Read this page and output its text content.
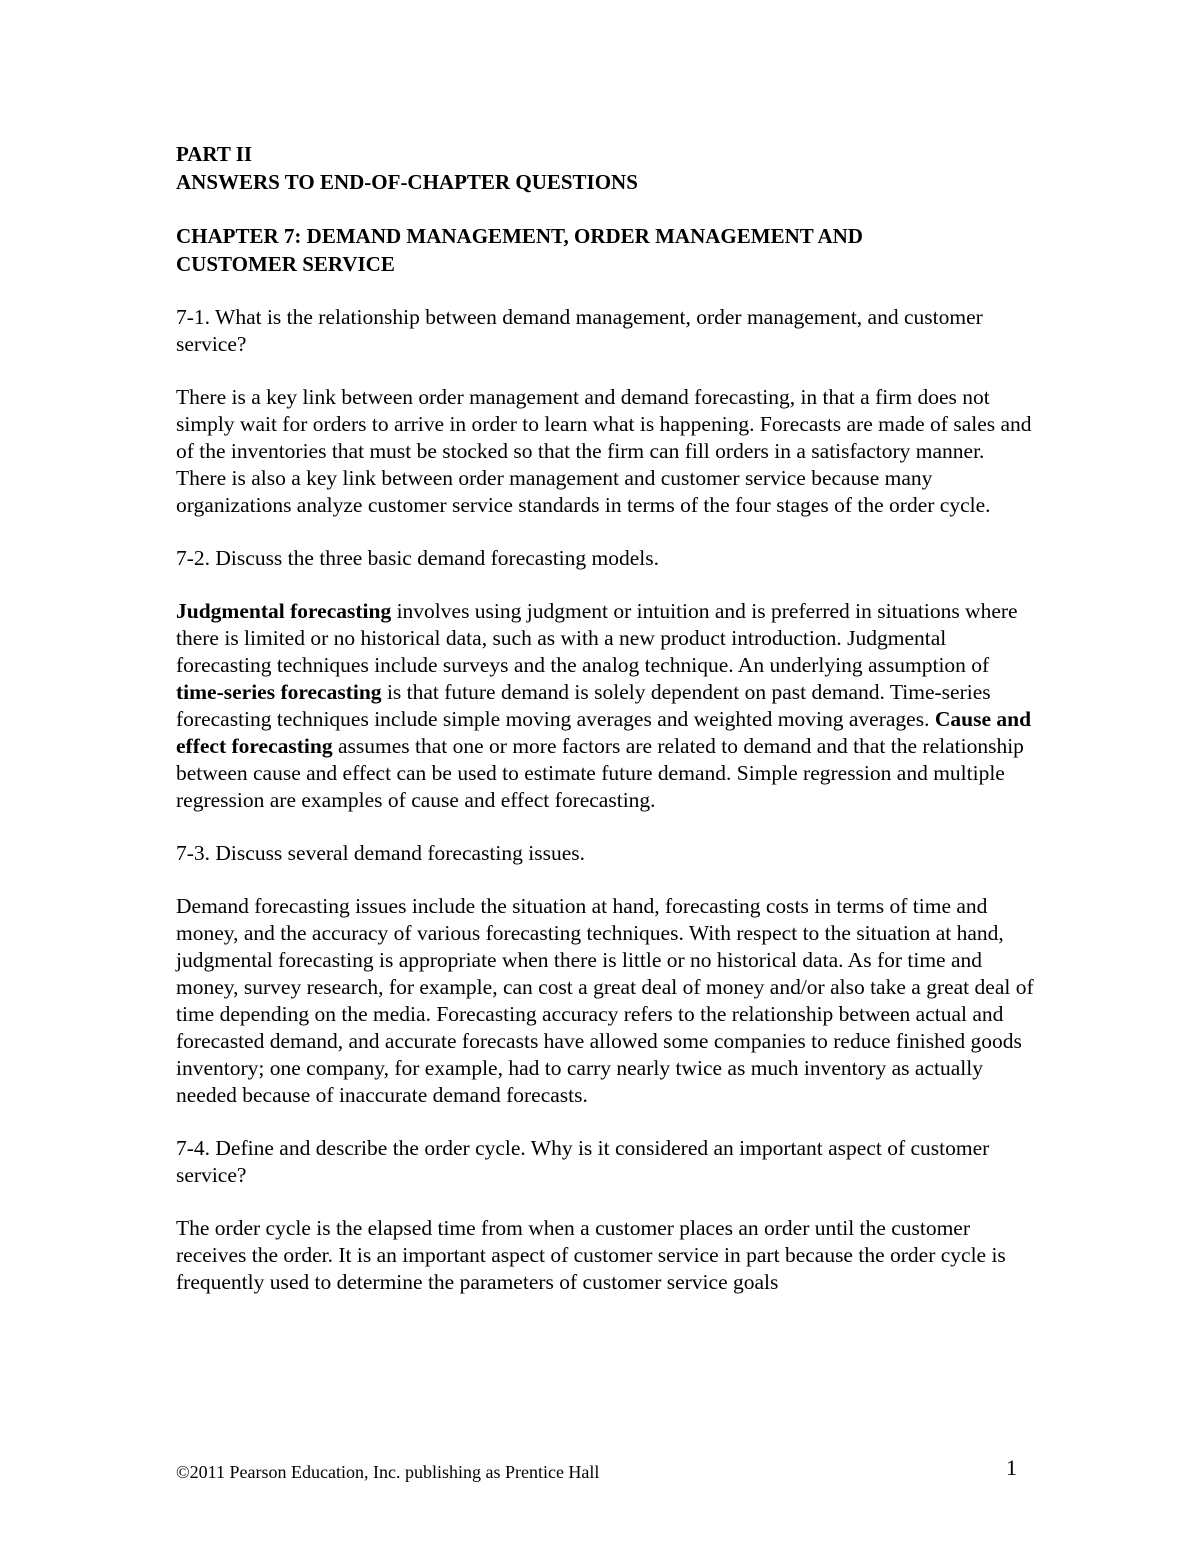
PART II
ANSWERS TO END-OF-CHAPTER QUESTIONS
CHAPTER 7: DEMAND MANAGEMENT, ORDER MANAGEMENT AND
CUSTOMER SERVICE

7-1. What is the relationship between demand management, order management, and customer service?

There is a key link between order management and demand forecasting, in that a firm does not simply wait for orders to arrive in order to learn what is happening. Forecasts are made of sales and of the inventories that must be stocked so that the firm can fill orders in a satisfactory manner. There is also a key link between order management and customer service because many organizations analyze customer service standards in terms of the four stages of the order cycle.

7-2. Discuss the three basic demand forecasting models.

Judgmental forecasting involves using judgment or intuition and is preferred in situations where there is limited or no historical data, such as with a new product introduction. Judgmental forecasting techniques include surveys and the analog technique. An underlying assumption of time-series forecasting is that future demand is solely dependent on past demand. Time-series forecasting techniques include simple moving averages and weighted moving averages. Cause and effect forecasting assumes that one or more factors are related to demand and that the relationship between cause and effect can be used to estimate future demand. Simple regression and multiple regression are examples of cause and effect forecasting.

7-3. Discuss several demand forecasting issues.

Demand forecasting issues include the situation at hand, forecasting costs in terms of time and money, and the accuracy of various forecasting techniques. With respect to the situation at hand, judgmental forecasting is appropriate when there is little or no historical data. As for time and money, survey research, for example, can cost a great deal of money and/or also take a great deal of time depending on the media. Forecasting accuracy refers to the relationship between actual and forecasted demand, and accurate forecasts have allowed some companies to reduce finished goods inventory; one company, for example, had to carry nearly twice as much inventory as actually needed because of inaccurate demand forecasts.

7-4. Define and describe the order cycle. Why is it considered an important aspect of customer service?

The order cycle is the elapsed time from when a customer places an order until the customer receives the order. It is an important aspect of customer service in part because the order cycle is frequently used to determine the parameters of customer service goals

©2011 Pearson Education, Inc. publishing as Prentice Hall	1
